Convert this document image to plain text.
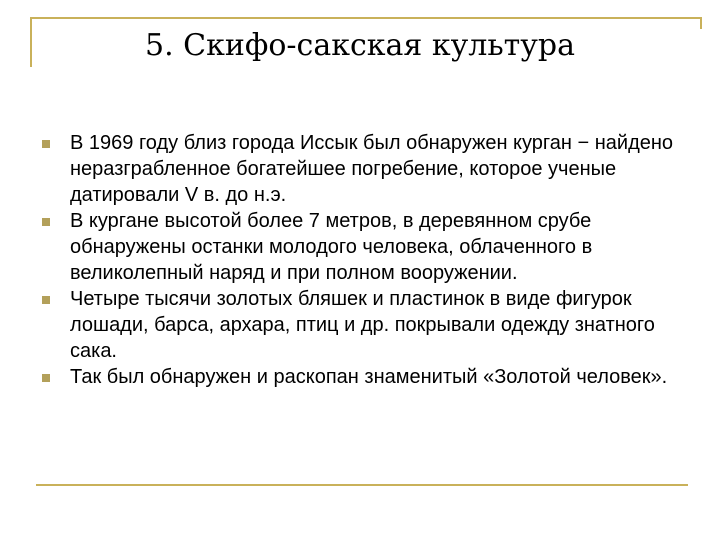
5. Скифо-сакская культура
В 1969 году близ города Иссык был обнаружен курган − найдено неразграбленное богатейшее погребение, которое ученые датировали V в. до н.э.
В кургане высотой более 7 метров, в деревянном срубе обнаружены останки молодого человека, облаченного в великолепный наряд и при полном вооружении.
Четыре тысячи золотых бляшек и пластинок в виде фигурок лошади, барса, архара, птиц и др. покрывали одежду знатного сака.
Так был обнаружен и раскопан знаменитый «Золотой человек».
